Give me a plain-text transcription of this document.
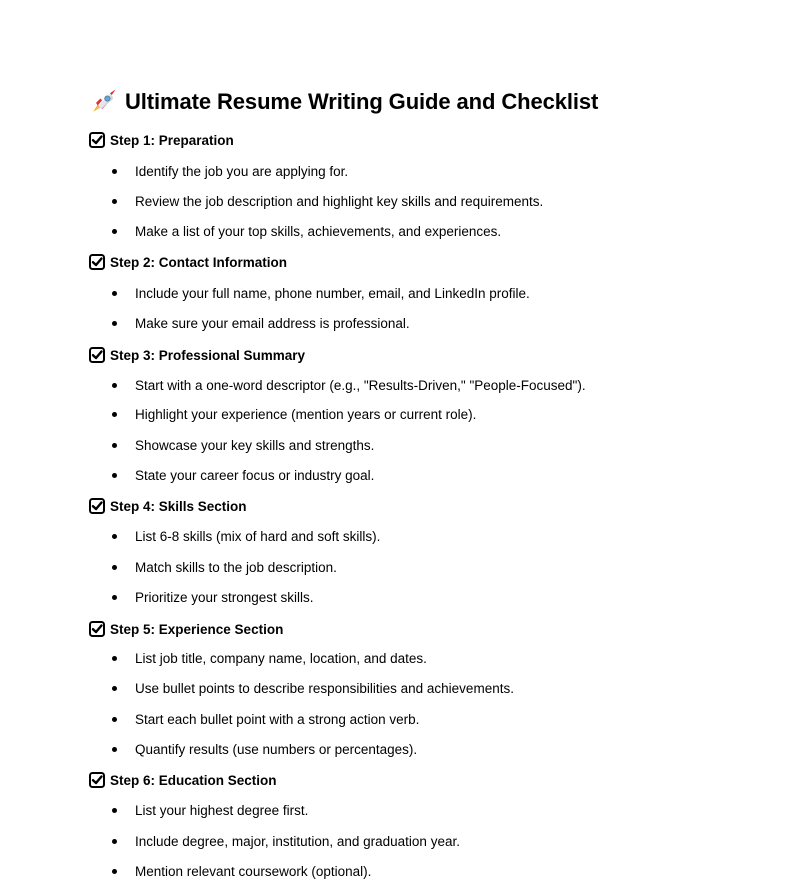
Ultimate Resume Writing Guide and Checklist
Step 1: Preparation
Identify the job you are applying for.
Review the job description and highlight key skills and requirements.
Make a list of your top skills, achievements, and experiences.
Step 2: Contact Information
Include your full name, phone number, email, and LinkedIn profile.
Make sure your email address is professional.
Step 3: Professional Summary
Start with a one-word descriptor (e.g., "Results-Driven," "People-Focused").
Highlight your experience (mention years or current role).
Showcase your key skills and strengths.
State your career focus or industry goal.
Step 4: Skills Section
List 6-8 skills (mix of hard and soft skills).
Match skills to the job description.
Prioritize your strongest skills.
Step 5: Experience Section
List job title, company name, location, and dates.
Use bullet points to describe responsibilities and achievements.
Start each bullet point with a strong action verb.
Quantify results (use numbers or percentages).
Step 6: Education Section
List your highest degree first.
Include degree, major, institution, and graduation year.
Mention relevant coursework (optional).
